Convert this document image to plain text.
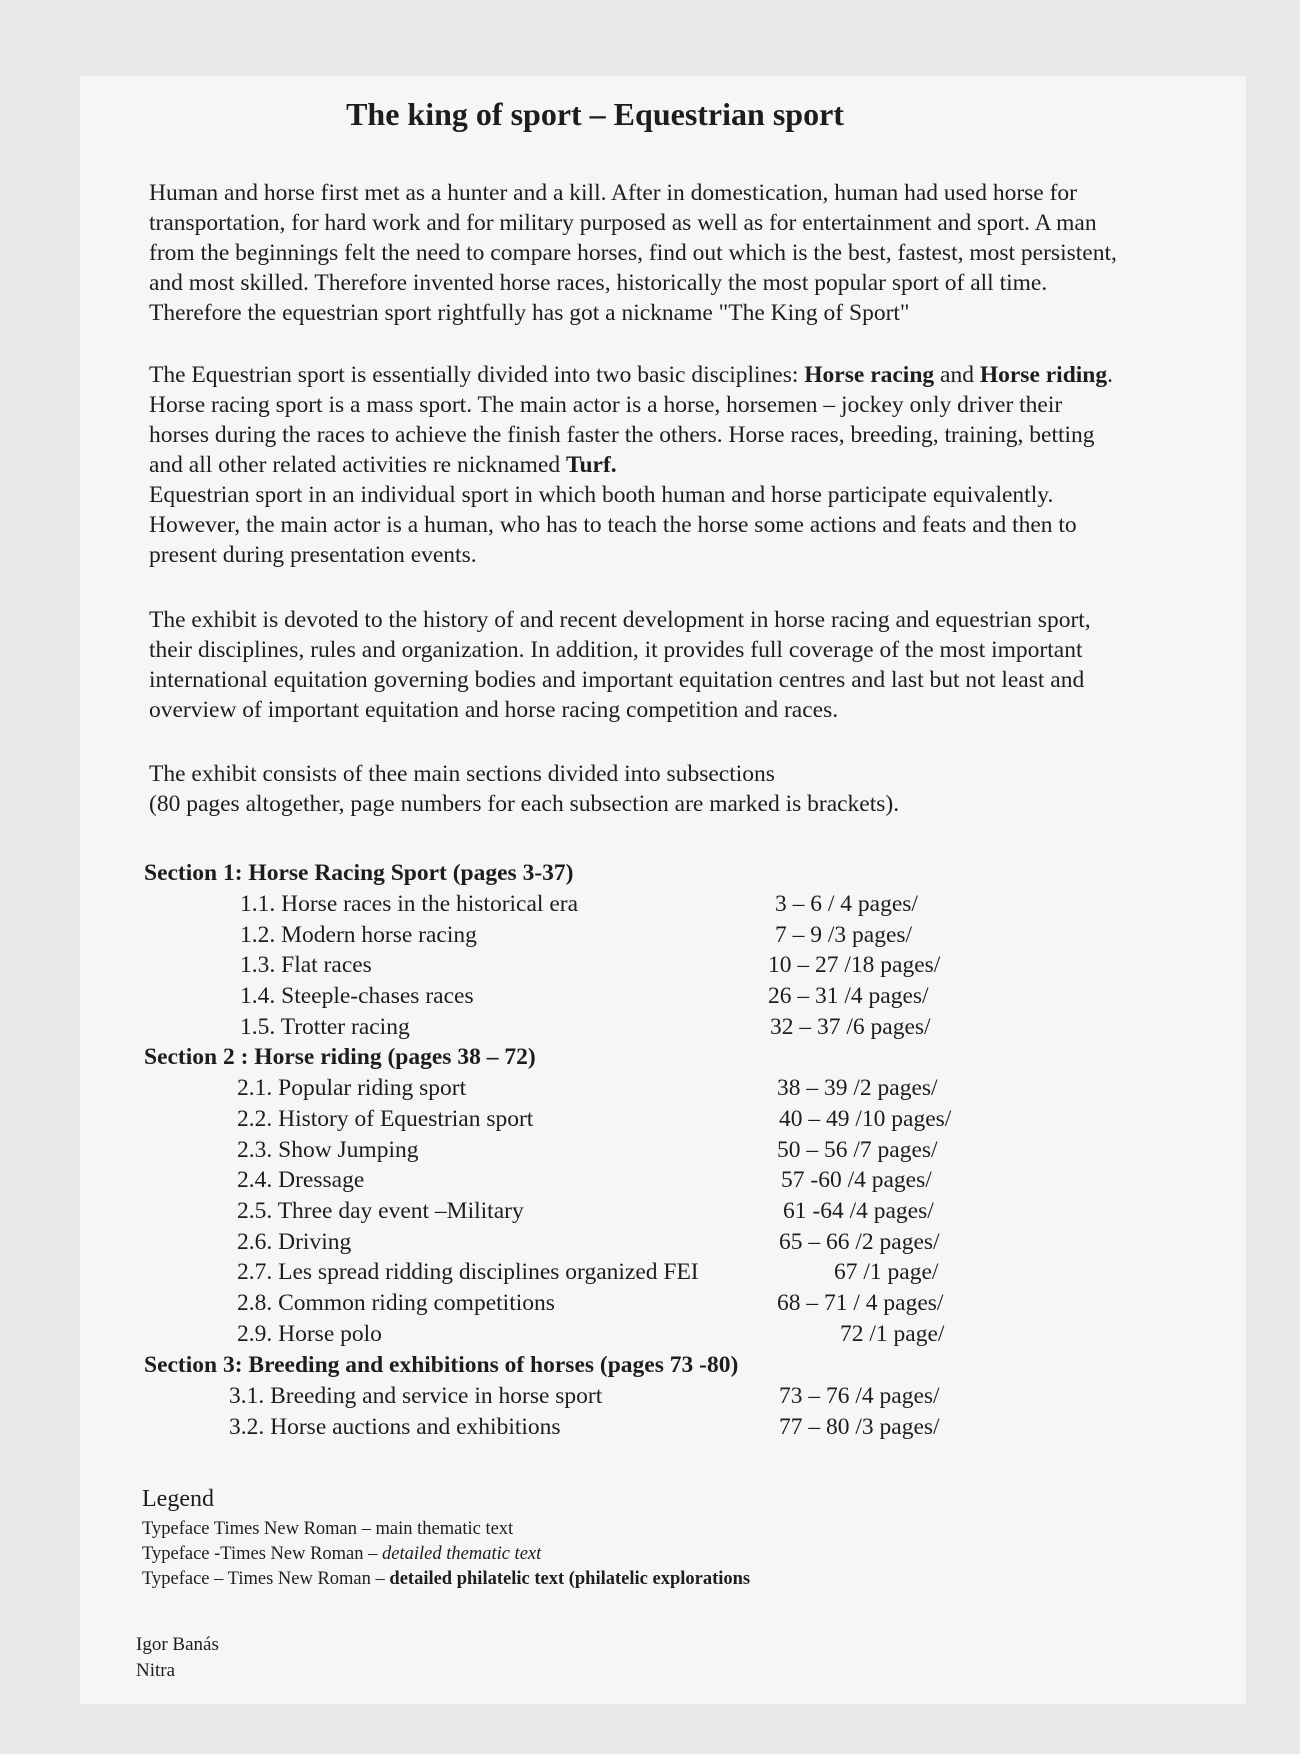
The king of sport – Equestrian sport

Human and horse first met as a hunter and a kill. After in domestication, human had used horse for
transportation, for hard work and for military purposed as well as for entertainment and sport. A man
from the beginnings felt the need to compare horses, find out which is the best, fastest, most persistent,
and most skilled. Therefore invented horse races, historically the most popular sport of all time.
Therefore the equestrian sport rightfully has got a nickname "The King of Sport"

The Equestrian sport is essentially divided into two basic disciplines: Horse racing and Horse riding.
Horse racing sport is a mass sport. The main actor is a horse, horsemen – jockey only driver their
horses during the races to achieve the finish faster the others. Horse races, breeding, training, betting
and all other related activities re nicknamed Turf.
Equestrian sport in an individual sport in which booth human and horse participate equivalently.
However, the main actor is a human, who has to teach the horse some actions and feats and then to
present during presentation events.

The exhibit is devoted to the history of and recent development in horse racing and equestrian sport,
their disciplines, rules and organization. In addition, it provides full coverage of the most important
international equitation governing bodies and important equitation centres and last but not least and
overview of important equitation and horse racing competition and races.

The exhibit consists of thee main sections divided into subsections
(80 pages altogether, page numbers for each subsection are marked is brackets).

Section 1: Horse Racing Sport (pages 3-37)
1.1. Horse races in the historical era	3 – 6 / 4 pages/
1.2. Modern horse racing	7 – 9 /3 pages/
1.3. Flat races	10 – 27 /18 pages/
1.4. Steeple-chases races	26 – 31 /4 pages/
1.5. Trotter racing	32 – 37 /6 pages/
Section 2 : Horse riding (pages 38 – 72)
2.1. Popular riding sport	38 – 39 /2 pages/
2.2. History of Equestrian sport	40 – 49 /10 pages/
2.3. Show Jumping	50 – 56 /7 pages/
2.4. Dressage	57 -60 /4 pages/
2.5. Three day event –Military	61 -64 /4 pages/
2.6. Driving	65 – 66 /2 pages/
2.7. Les spread ridding disciplines organized FEI	67 /1 page/
2.8. Common riding competitions	68 – 71 / 4 pages/
2.9. Horse polo	72 /1 page/
Section 3: Breeding and exhibitions of horses (pages 73 -80)
3.1. Breeding and service in horse sport	73 – 76 /4 pages/
3.2. Horse auctions and exhibitions	77 – 80 /3 pages/
Legend
Typeface Times New Roman – main thematic text
Typeface -Times New Roman – detailed thematic text
Typeface – Times New Roman – detailed philatelic text (philatelic explorations
Igor Banás
Nitra
